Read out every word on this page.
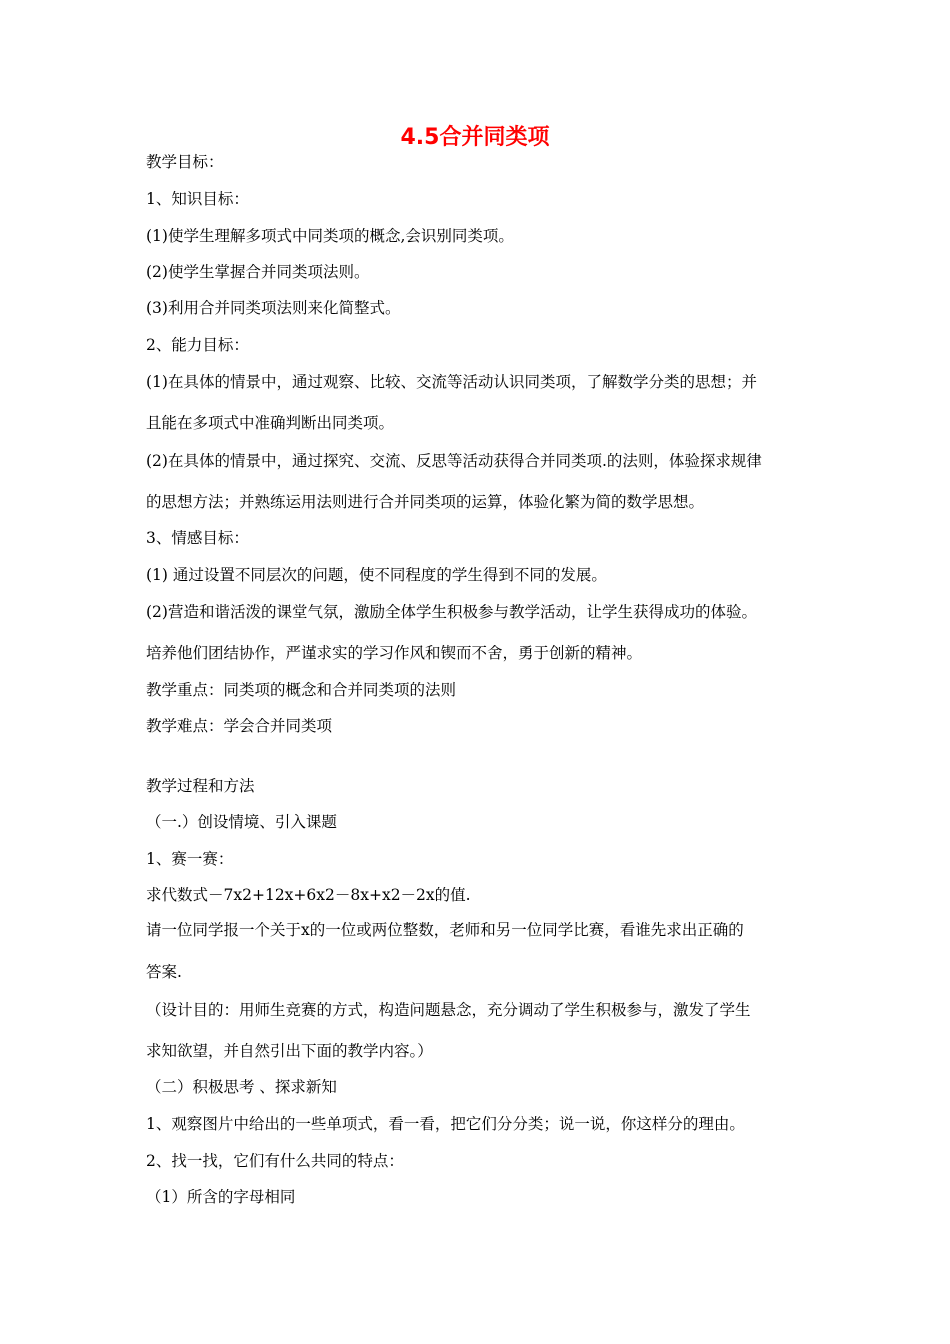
4.5合并同类项
教学目标：
1、知识目标：
(1)使学生理解多项式中同类项的概念,会识别同类项。
(2)使学生掌握合并同类项法则。
(3)利用合并同类项法则来化简整式。
2、能力目标：
(1)在具体的情景中，通过观察、比较、交流等活动认识同类项，了解数学分类的思想；并
且能在多项式中准确判断出同类项。
(2)在具体的情景中，通过探究、交流、反思等活动获得合并同类项.的法则，体验探求规律
的思想方法；并熟练运用法则进行合并同类项的运算，体验化繁为简的数学思想。
3、情感目标：
(1) 通过设置不同层次的问题，使不同程度的学生得到不同的发展。
(2)营造和谐活泼的课堂气氛，激励全体学生积极参与教学活动，让学生获得成功的体验。
培养他们团结协作，严谨求实的学习作风和锲而不舍，勇于创新的精神。
教学重点：同类项的概念和合并同类项的法则
教学难点：学会合并同类项
教学过程和方法
（一.）创设情境、引入课题
1、赛一赛：
求代数式－7x2+12x+6x2－8x+x2－2x的值.
请一位同学报一个关于x的一位或两位整数，老师和另一位同学比赛，看谁先求出正确的
答案.
（设计目的：用师生竞赛的方式，构造问题悬念，充分调动了学生积极参与，激发了学生
求知欲望，并自然引出下面的教学内容。）
（二）积极思考 、探求新知
1、观察图片中给出的一些单项式，看一看，把它们分分类；说一说，你这样分的理由。
2、找一找，它们有什么共同的特点：
（1）所含的字母相同
